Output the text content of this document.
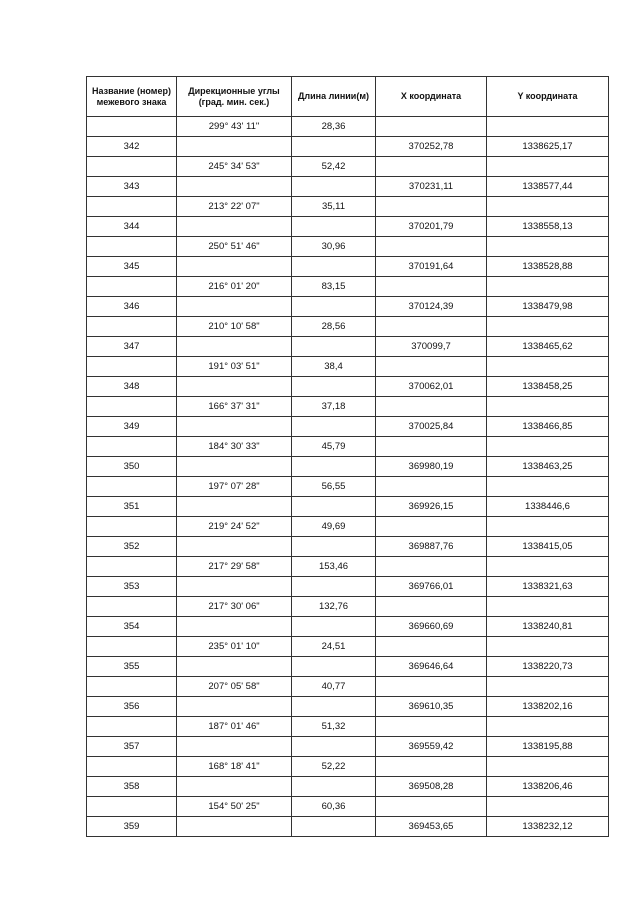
Название (номер) межевого знака	Дирекционные углы (град. мин. сек.)	Длина линии(м)	X координата	Y координата
	299° 43' 11"	28,36		
342			370252,78	1338625,17
	245° 34' 53"	52,42		
343			370231,11	1338577,44
	213° 22' 07"	35,11		
344			370201,79	1338558,13
	250° 51' 46"	30,96		
345			370191,64	1338528,88
	216° 01' 20"	83,15		
346			370124,39	1338479,98
	210° 10' 58"	28,56		
347			370099,7	1338465,62
	191° 03' 51"	38,4		
348			370062,01	1338458,25
	166° 37' 31"	37,18		
349			370025,84	1338466,85
	184° 30' 33"	45,79		
350			369980,19	1338463,25
	197° 07' 28"	56,55		
351			369926,15	1338446,6
	219° 24' 52"	49,69		
352			369887,76	1338415,05
	217° 29' 58"	153,46		
353			369766,01	1338321,63
	217° 30' 06"	132,76		
354			369660,69	1338240,81
	235° 01' 10"	24,51		
355			369646,64	1338220,73
	207° 05' 58"	40,77		
356			369610,35	1338202,16
	187° 01' 46"	51,32		
357			369559,42	1338195,88
	168° 18' 41"	52,22		
358			369508,28	1338206,46
	154° 50' 25"	60,36		
359			369453,65	1338232,12
